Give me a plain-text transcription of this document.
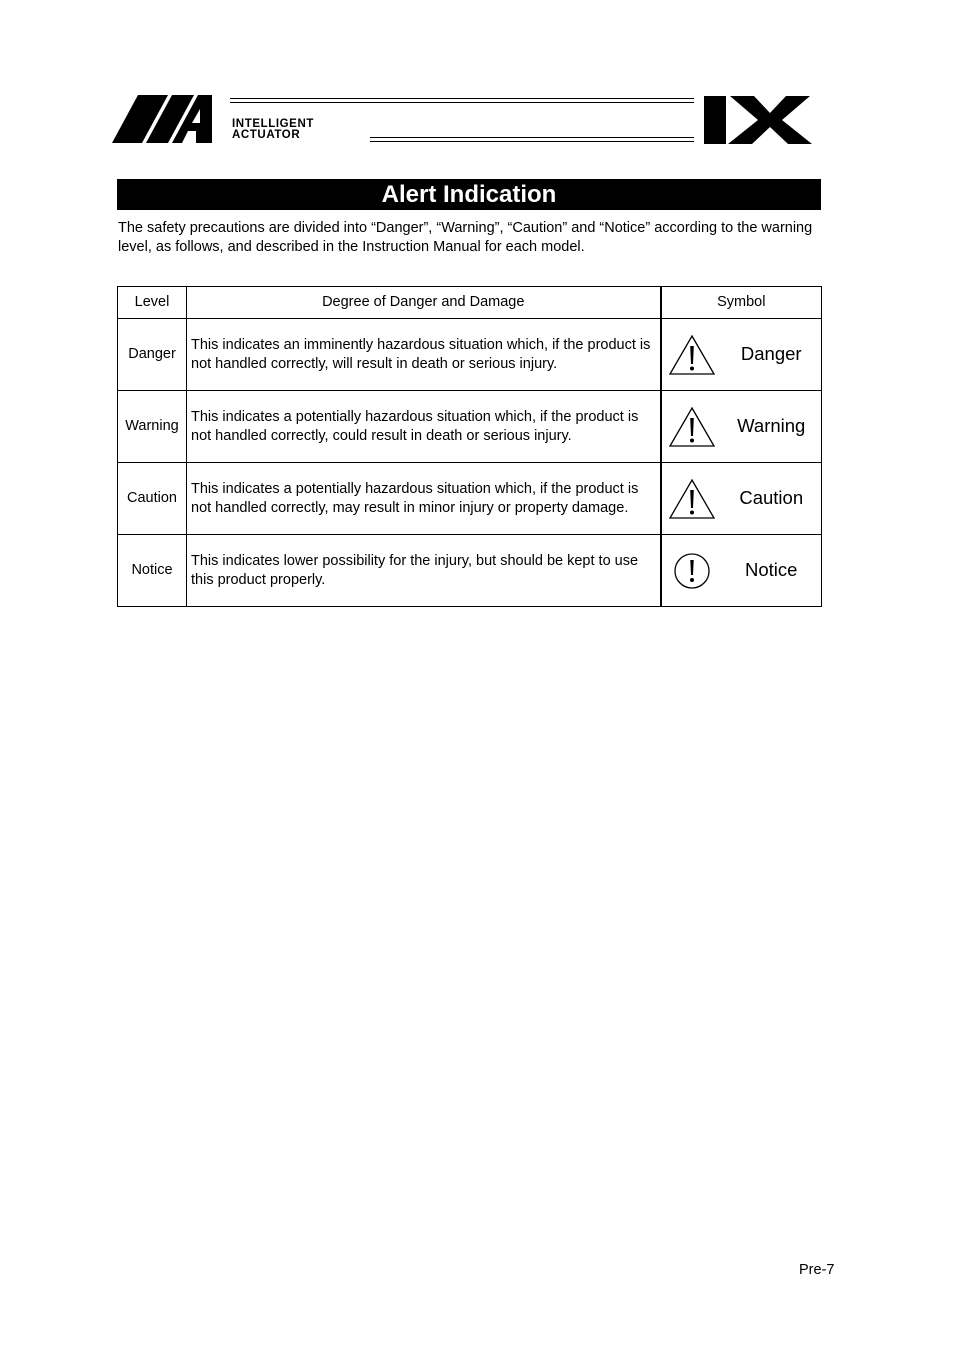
INTELLIGENT
ACTUATOR
Alert Indication
The safety precautions are divided into “Danger”, “Warning”, “Caution” and “Notice” according to the warning level, as follows, and described in the Instruction Manual for each model.
Level	Degree of Danger and Damage	Symbol
Danger	This indicates an imminently hazardous situation which, if the product is not handled correctly, will result in death or serious injury.	Danger

Warning	This indicates a potentially hazardous situation which, if the product is not handled correctly, could result in death or serious injury.	Warning

Caution	This indicates a potentially hazardous situation which, if the product is not handled correctly, may result in minor injury or property damage.	Caution

Notice	This indicates lower possibility for the injury, but should be kept to use this product properly.	Notice
Pre-7
